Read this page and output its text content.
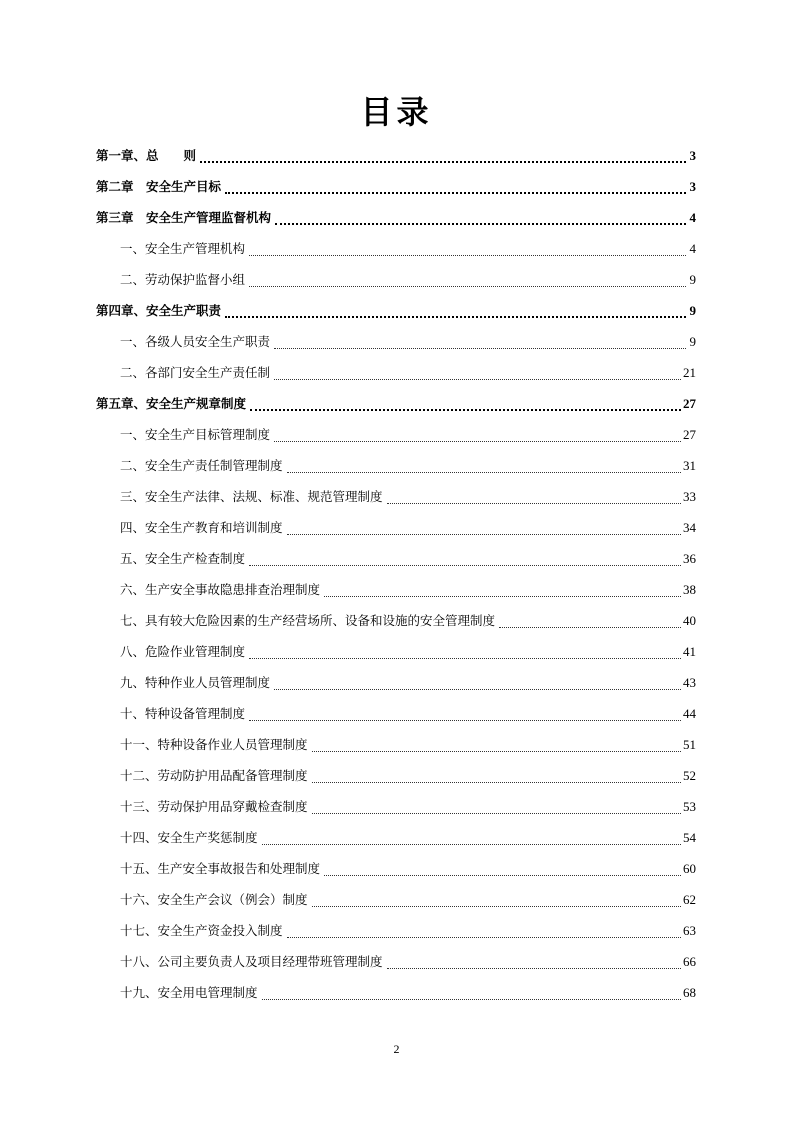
目录
第一章、总　　则	3
第二章　安全生产目标	3
第三章　安全生产管理监督机构	4
一、安全生产管理机构	4
二、劳动保护监督小组	9
第四章、安全生产职责	9
一、各级人员安全生产职责	9
二、各部门安全生产责任制	21
第五章、安全生产规章制度	27
一、安全生产目标管理制度	27
二、安全生产责任制管理制度	31
三、安全生产法律、法规、标准、规范管理制度	33
四、安全生产教育和培训制度	34
五、安全生产检查制度	36
六、生产安全事故隐患排查治理制度	38
七、具有较大危险因素的生产经营场所、设备和设施的安全管理制度	40
八、危险作业管理制度	41
九、特种作业人员管理制度	43
十、特种设备管理制度	44
十一、特种设备作业人员管理制度	51
十二、劳动防护用品配备管理制度	52
十三、劳动保护用品穿戴检查制度	53
十四、安全生产奖惩制度	54
十五、生产安全事故报告和处理制度	60
十六、安全生产会议（例会）制度	62
十七、安全生产资金投入制度	63
十八、公司主要负责人及项目经理带班管理制度	66
十九、安全用电管理制度	68
2
